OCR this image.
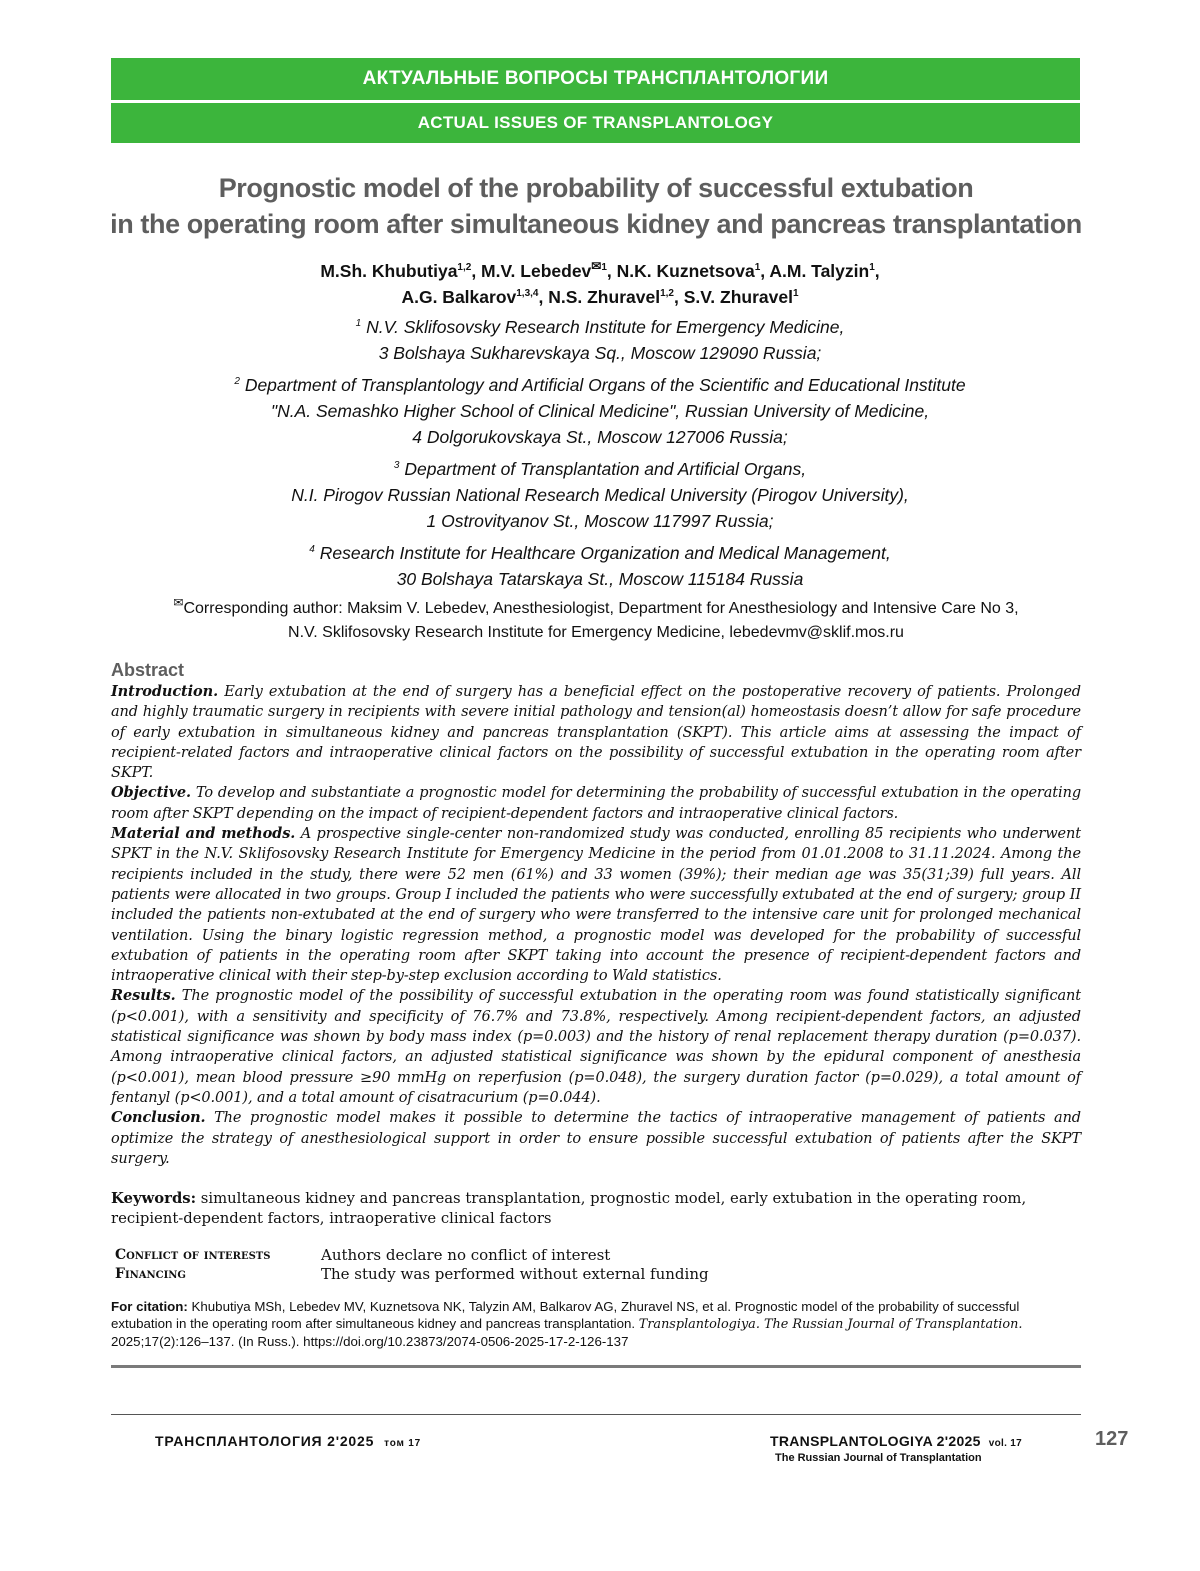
АКТУАЛЬНЫЕ ВОПРОСЫ ТРАНСПЛАНТОЛОГИИ
ACTUAL ISSUES OF TRANSPLANTOLOGY
Prognostic model of the probability of successful extubation
in the operating room after simultaneous kidney and pancreas transplantation
M.Sh. Khubutiya$^{1,2}$, M.V. Lebedev$^{✉1}$, N.K. Kuznetsova$^1$, A.M. Talyzin$^1$,
A.G. Balkarov$^{1,3,4}$, N.S. Zhuravel$^{1,2}$, S.V. Zhuravel$^1$
$^1$ N.V. Sklifosovsky Research Institute for Emergency Medicine,
3 Bolshaya Sukharevskaya Sq., Moscow 129090 Russia;
$^2$ Department of Transplantology and Artificial Organs of the Scientific and Educational Institute
"N.A. Semashko Higher School of Clinical Medicine", Russian University of Medicine,
4 Dolgorukovskaya St., Moscow 127006 Russia;
$^3$ Department of Transplantation and Artificial Organs,
N.I. Pirogov Russian National Research Medical University (Pirogov University),
1 Ostrovityanov St., Moscow 117997 Russia;
$^4$ Research Institute for Healthcare Organization and Medical Management,
30 Bolshaya Tatarskaya St., Moscow 115184 Russia
✉Corresponding author: Maksim V. Lebedev, Anesthesiologist, Department for Anesthesiology and Intensive Care No 3,
N.V. Sklifosovsky Research Institute for Emergency Medicine, lebedevmv@sklif.mos.ru
Abstract

Introduction. Early extubation at the end of surgery has a beneficial effect on the postoperative recovery of patients. Prolonged and highly traumatic surgery in recipients with severe initial pathology and tension(al) homeostasis doesn’t allow for safe procedure of early extubation in simultaneous kidney and pancreas transplantation (SKPT). This article aims at assessing the impact of recipient-related factors and intraoperative clinical factors on the possibility of successful extubation in the operating room after SKPT.

Objective. To develop and substantiate a prognostic model for determining the probability of successful extubation in the operating room after SKPT depending on the impact of recipient-dependent factors and intraoperative clinical factors.

Material and methods. A prospective single-center non-randomized study was conducted, enrolling 85 recipients who underwent SPKT in the N.V. Sklifosovsky Research Institute for Emergency Medicine in the period from 01.01.2008 to 31.11.2024. Among the recipients included in the study, there were 52 men (61%) and 33 women (39%); their median age was 35(31;39) full years. All patients were allocated in two groups. Group I included the patients who were successfully extubated at the end of surgery; group II included the patients non-extubated at the end of surgery who were transferred to the intensive care unit for prolonged mechanical ventilation. Using the binary logistic regression method, a prognostic model was developed for the probability of successful extubation of patients in the operating room after SKPT taking into account the presence of recipient-dependent factors and intraoperative clinical with their step-by-step exclusion according to Wald statistics.

Results. The prognostic model of the possibility of successful extubation in the operating room was found statistically significant (p<0.001), with a sensitivity and specificity of 76.7% and 73.8%, respectively. Among recipient-dependent factors, an adjusted statistical significance was shown by body mass index (p=0.003) and the history of renal replacement therapy duration (p=0.037). Among intraoperative clinical factors, an adjusted statistical significance was shown by the epidural component of anesthesia (p<0.001), mean blood pressure ≥90 mmHg on reperfusion (p=0.048), the surgery duration factor (p=0.029), a total amount of fentanyl (p<0.001), and a total amount of cisatracurium (p=0.044).

Conclusion. The prognostic model makes it possible to determine the tactics of intraoperative management of patients and optimize the strategy of anesthesiological support in order to ensure possible successful extubation of patients after the SKPT surgery.

Keywords: simultaneous kidney and pancreas transplantation, prognostic model, early extubation in the operating room, recipient-dependent factors, intraoperative clinical factors
Conflict of interests	Authors declare no conflict of interest
Financing	The study was performed without external funding
For citation: Khubutiya MSh, Lebedev MV, Kuznetsova NK, Talyzin AM, Balkarov AG, Zhuravel NS, et al. Prognostic model of the probability of successful extubation in the operating room after simultaneous kidney and pancreas transplantation. Transplantologiya. The Russian Journal of Transplantation. 2025;17(2):126–137. (In Russ.). https://doi.org/10.23873/2074-0506-2025-17-2-126-137
ТРАНСПЛАНТОЛОГИЯ 2'2025 том 17	TRANSPLANTOLOGIYA 2'2025 vol. 17
The Russian Journal of Transplantation
127
